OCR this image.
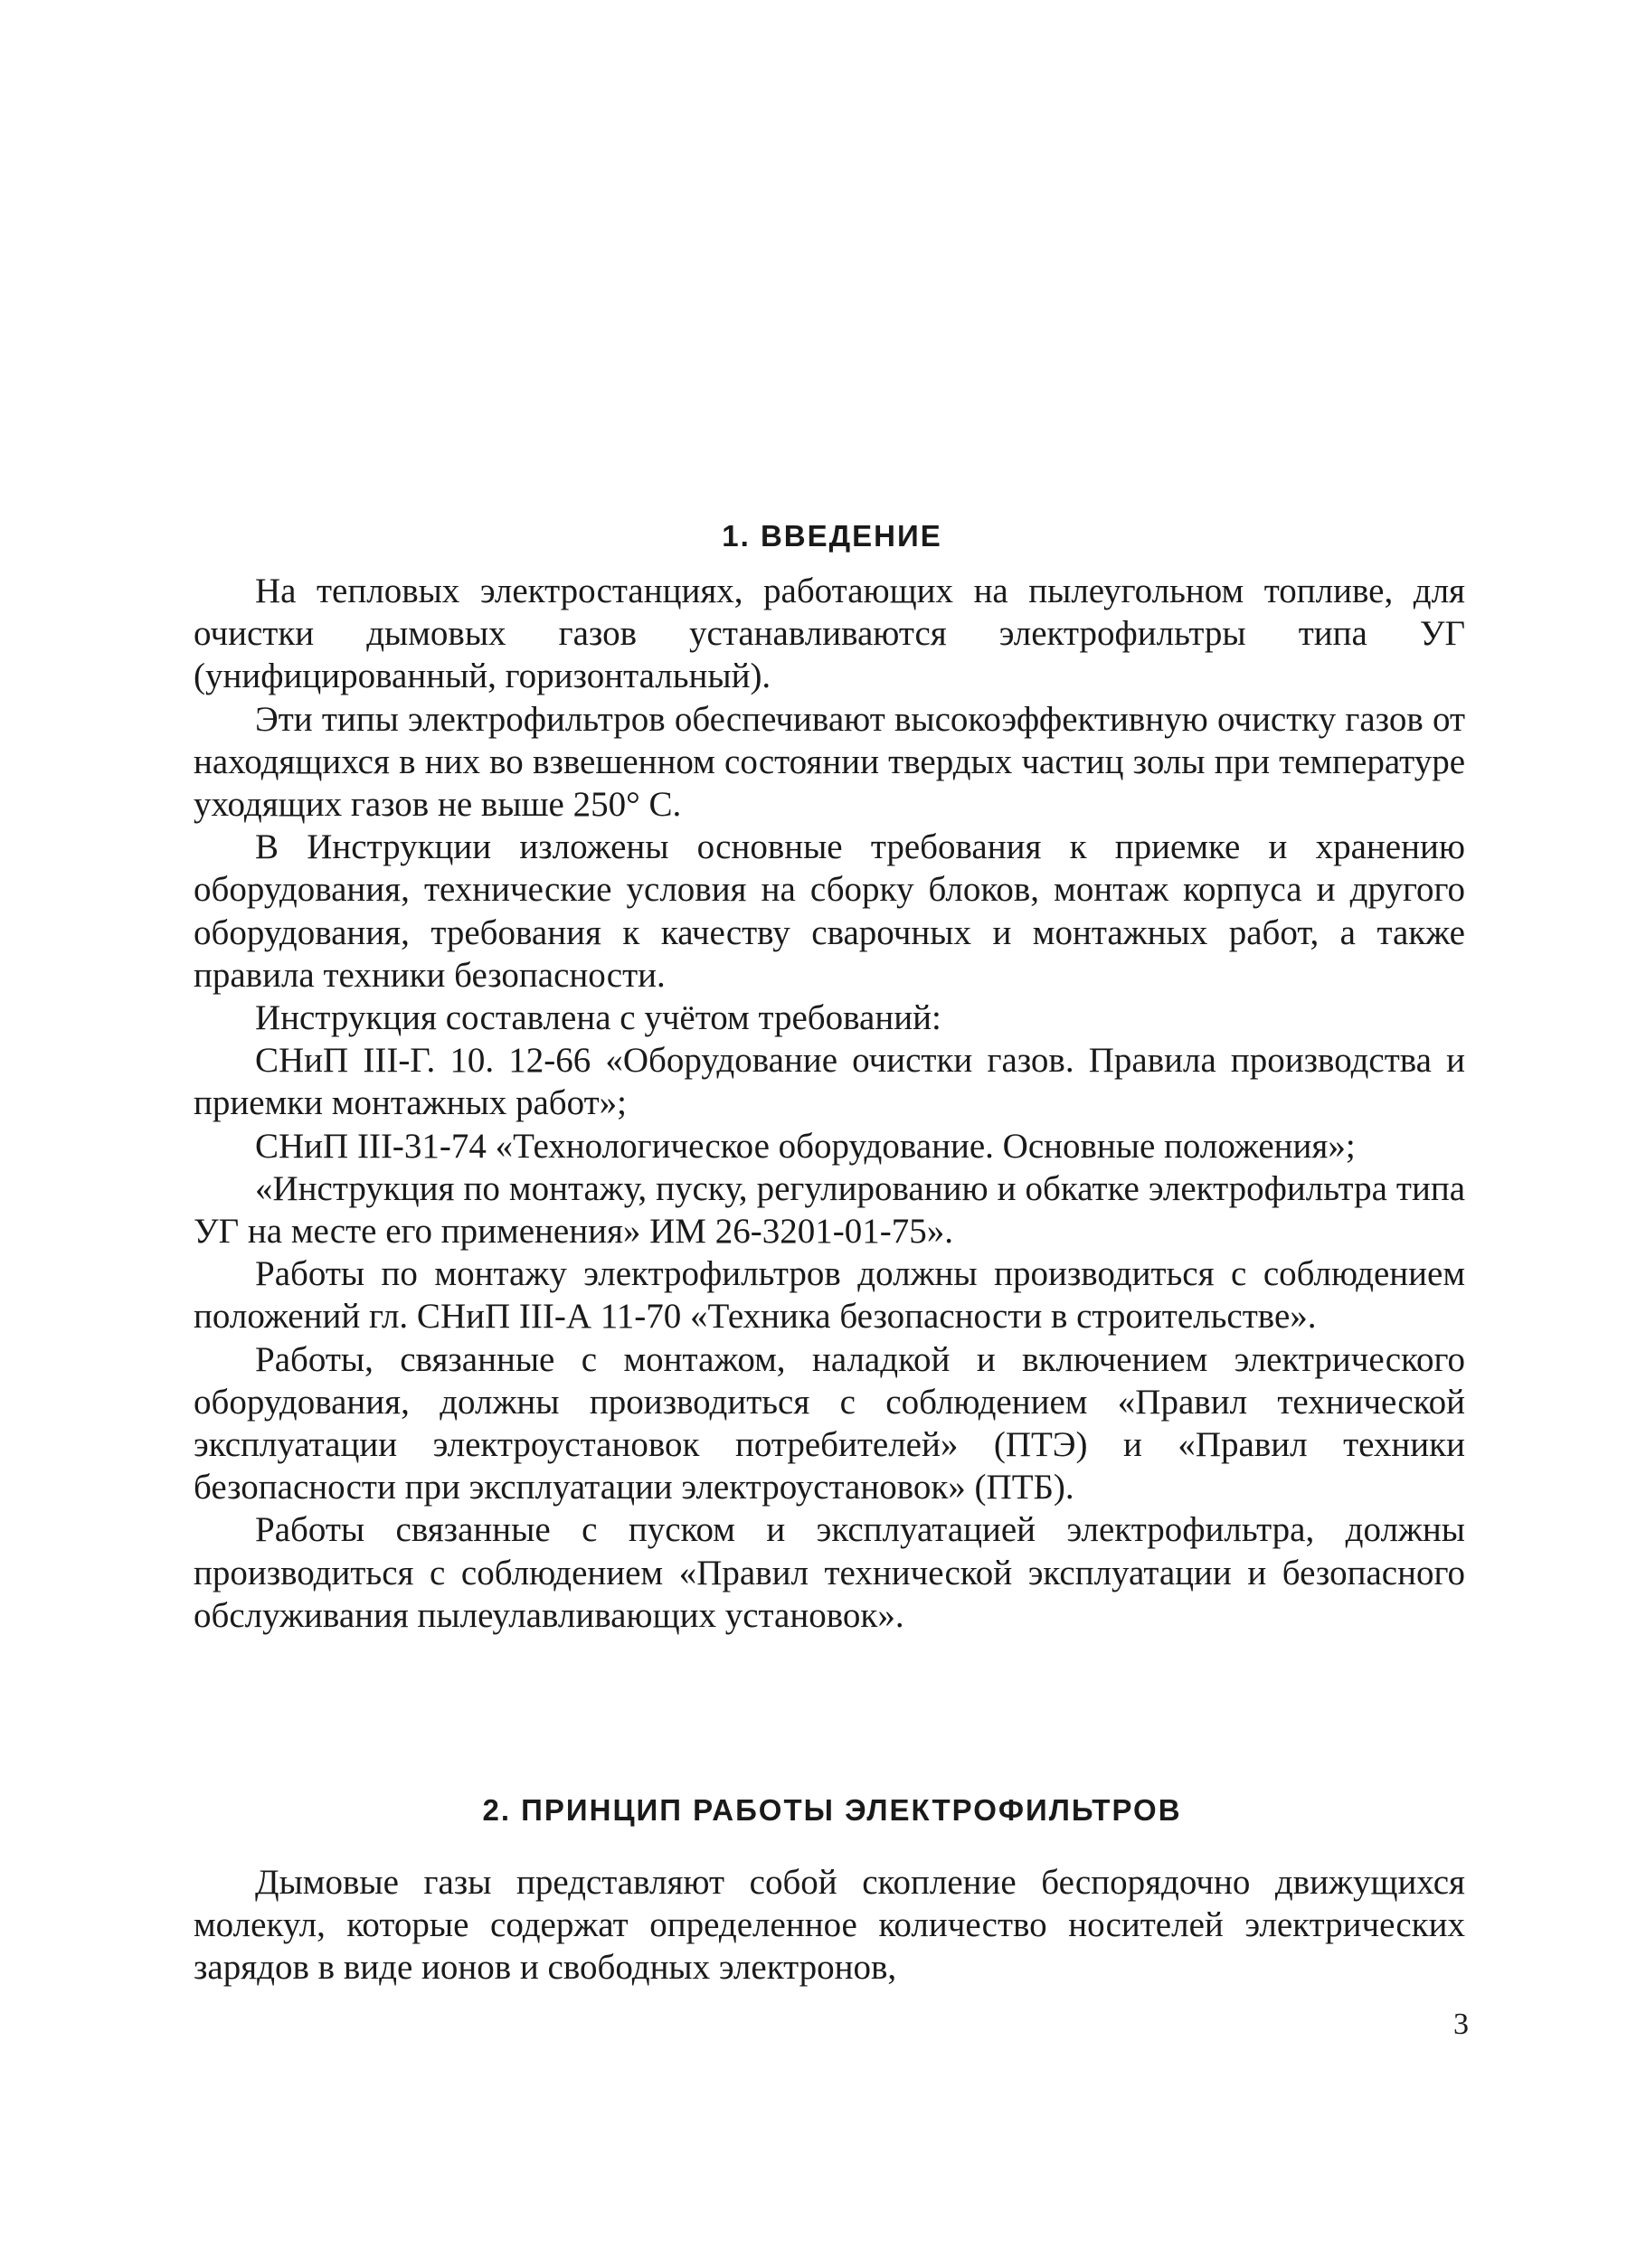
1. ВВЕДЕНИЕ

На тепловых электростанциях, работающих на пылеугольном топливе, для очистки дымовых газов устанавливаются электрофильтры типа УГ (унифицированный, горизонтальный).

Эти типы электрофильтров обеспечивают высокоэффективную очистку газов от находящихся в них во взвешенном состоянии твердых частиц золы при температуре уходящих газов не выше 250° С.

В Инструкции изложены основные требования к приемке и хранению оборудования, технические условия на сборку блоков, монтаж корпуса и другого оборудования, требования к качеству сварочных и монтажных работ, а также правила техники безопасности.

Инструкция составлена с учётом требований:

СНиП III-Г. 10. 12-66 «Оборудование очистки газов. Правила производства и приемки монтажных работ»;

СНиП III-31-74 «Технологическое оборудование. Основные положения»;

«Инструкция по монтажу, пуску, регулированию и обкатке электрофильтра типа УГ на месте его применения» ИМ 26-3201-01-75».

Работы по монтажу электрофильтров должны производиться с соблюдением положений гл. СНиП III-А 11-70 «Техника безопасности в строительстве».

Работы, связанные с монтажом, наладкой и включением электрического оборудования, должны производиться с соблюдением «Правил технической эксплуатации электроустановок потребителей» (ПТЭ) и «Правил техники безопасности при эксплуатации электроустановок» (ПТБ).

Работы связанные с пуском и эксплуатацией электрофильтра, должны производиться с соблюдением «Правил технической эксплуатации и безопасного обслуживания пылеулавливающих установок».

2. ПРИНЦИП РАБОТЫ ЭЛЕКТРОФИЛЬТРОВ

Дымовые газы представляют собой скопление беспорядочно движущихся молекул, которые содержат определенное количество носителей электрических зарядов в виде ионов и свободных электронов,

3
